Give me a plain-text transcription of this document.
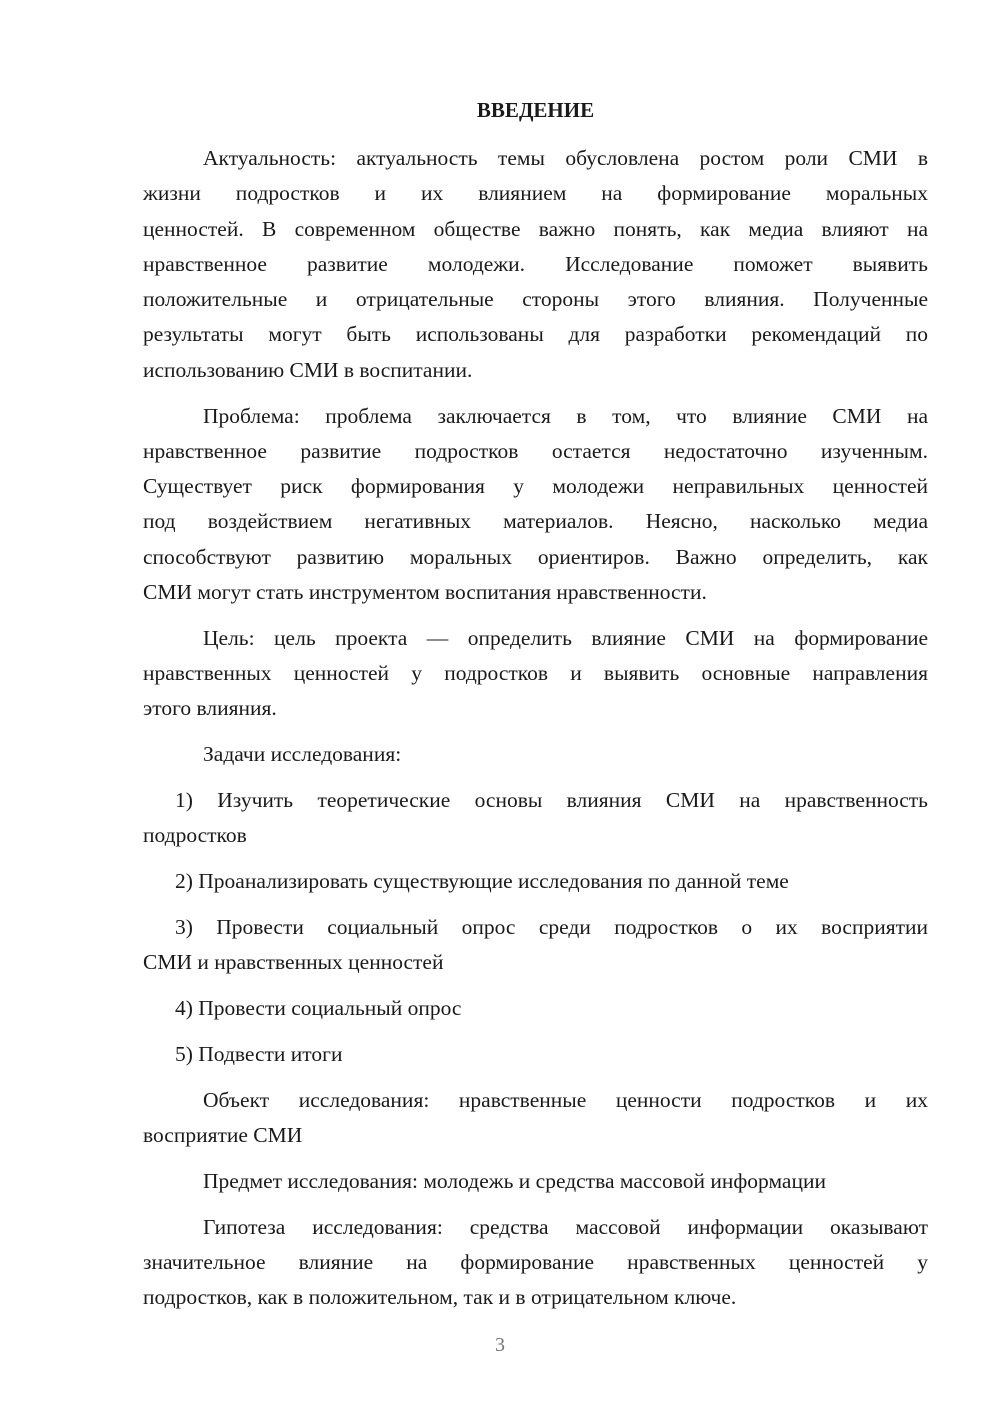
ВВЕДЕНИЕ
Актуальность: актуальность темы обусловлена ростом роли СМИ в
жизни подростков и их влиянием на формирование моральных
ценностей. В современном обществе важно понять, как медиа влияют на
нравственное развитие молодежи. Исследование поможет выявить
положительные и отрицательные стороны этого влияния. Полученные
результаты могут быть использованы для разработки рекомендаций по
использованию СМИ в воспитании.
Проблема: проблема заключается в том, что влияние СМИ на
нравственное развитие подростков остается недостаточно изученным.
Существует риск формирования у молодежи неправильных ценностей
под воздействием негативных материалов. Неясно, насколько медиа
способствуют развитию моральных ориентиров. Важно определить, как
СМИ могут стать инструментом воспитания нравственности.
Цель: цель проекта — определить влияние СМИ на формирование
нравственных ценностей у подростков и выявить основные направления
этого влияния.
Задачи исследования:
1) Изучить теоретические основы влияния СМИ на нравственность
подростков
2) Проанализировать существующие исследования по данной теме
3) Провести социальный опрос среди подростков о их восприятии
СМИ и нравственных ценностей
4) Провести социальный опрос
5) Подвести итоги
Объект исследования: нравственные ценности подростков и их
восприятие СМИ
Предмет исследования: молодежь и средства массовой информации
Гипотеза исследования: средства массовой информации оказывают
значительное влияние на формирование нравственных ценностей у
подростков, как в положительном, так и в отрицательном ключе.
3
